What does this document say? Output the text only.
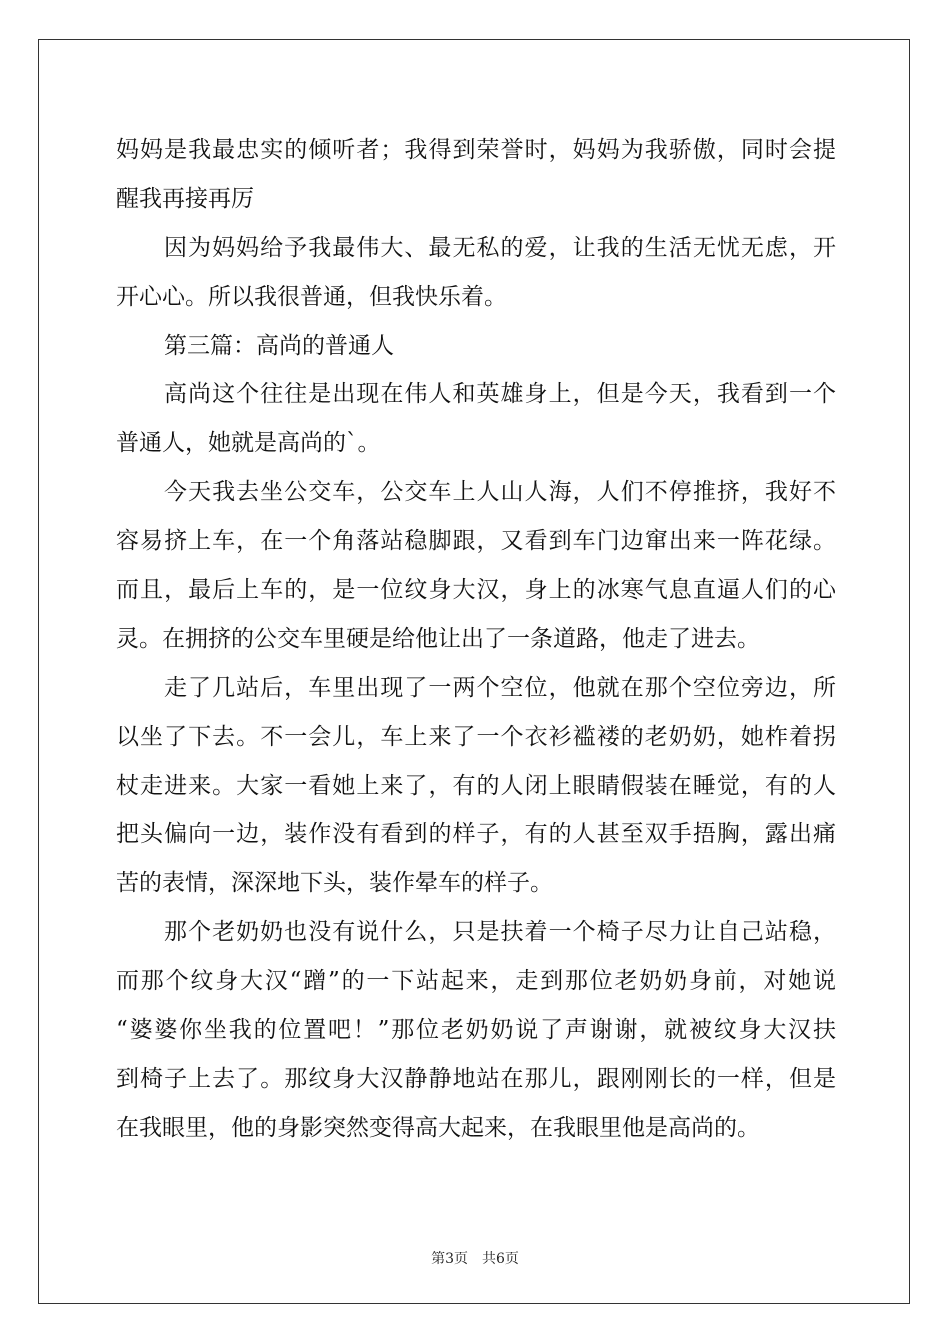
妈妈是我最忠实的倾听者；我得到荣誉时，妈妈为我骄傲，同时会提
醒我再接再厉
因为妈妈给予我最伟大、最无私的爱，让我的生活无忧无虑，开
开心心。所以我很普通，但我快乐着。
第三篇：高尚的普通人
高尚这个往往是出现在伟人和英雄身上，但是今天，我看到一个
普通人，她就是高尚的`。
今天我去坐公交车，公交车上人山人海，人们不停推挤，我好不
容易挤上车，在一个角落站稳脚跟，又看到车门边窜出来一阵花绿。
而且，最后上车的，是一位纹身大汉，身上的冰寒气息直逼人们的心
灵。在拥挤的公交车里硬是给他让出了一条道路，他走了进去。
走了几站后，车里出现了一两个空位，他就在那个空位旁边，所
以坐了下去。不一会儿，车上来了一个衣衫褴褛的老奶奶，她柞着拐
杖走进来。大家一看她上来了，有的人闭上眼睛假装在睡觉，有的人
把头偏向一边，装作没有看到的样子，有的人甚至双手捂胸，露出痛
苦的表情，深深地下头，装作晕车的样子。
那个老奶奶也没有说什么，只是扶着一个椅子尽力让自己站稳，
而那个纹身大汉“蹭”的一下站起来，走到那位老奶奶身前，对她说
“婆婆你坐我的位置吧！”那位老奶奶说了声谢谢，就被纹身大汉扶
到椅子上去了。那纹身大汉静静地站在那儿，跟刚刚长的一样，但是
在我眼里，他的身影突然变得高大起来，在我眼里他是高尚的。
第3页 共6页
